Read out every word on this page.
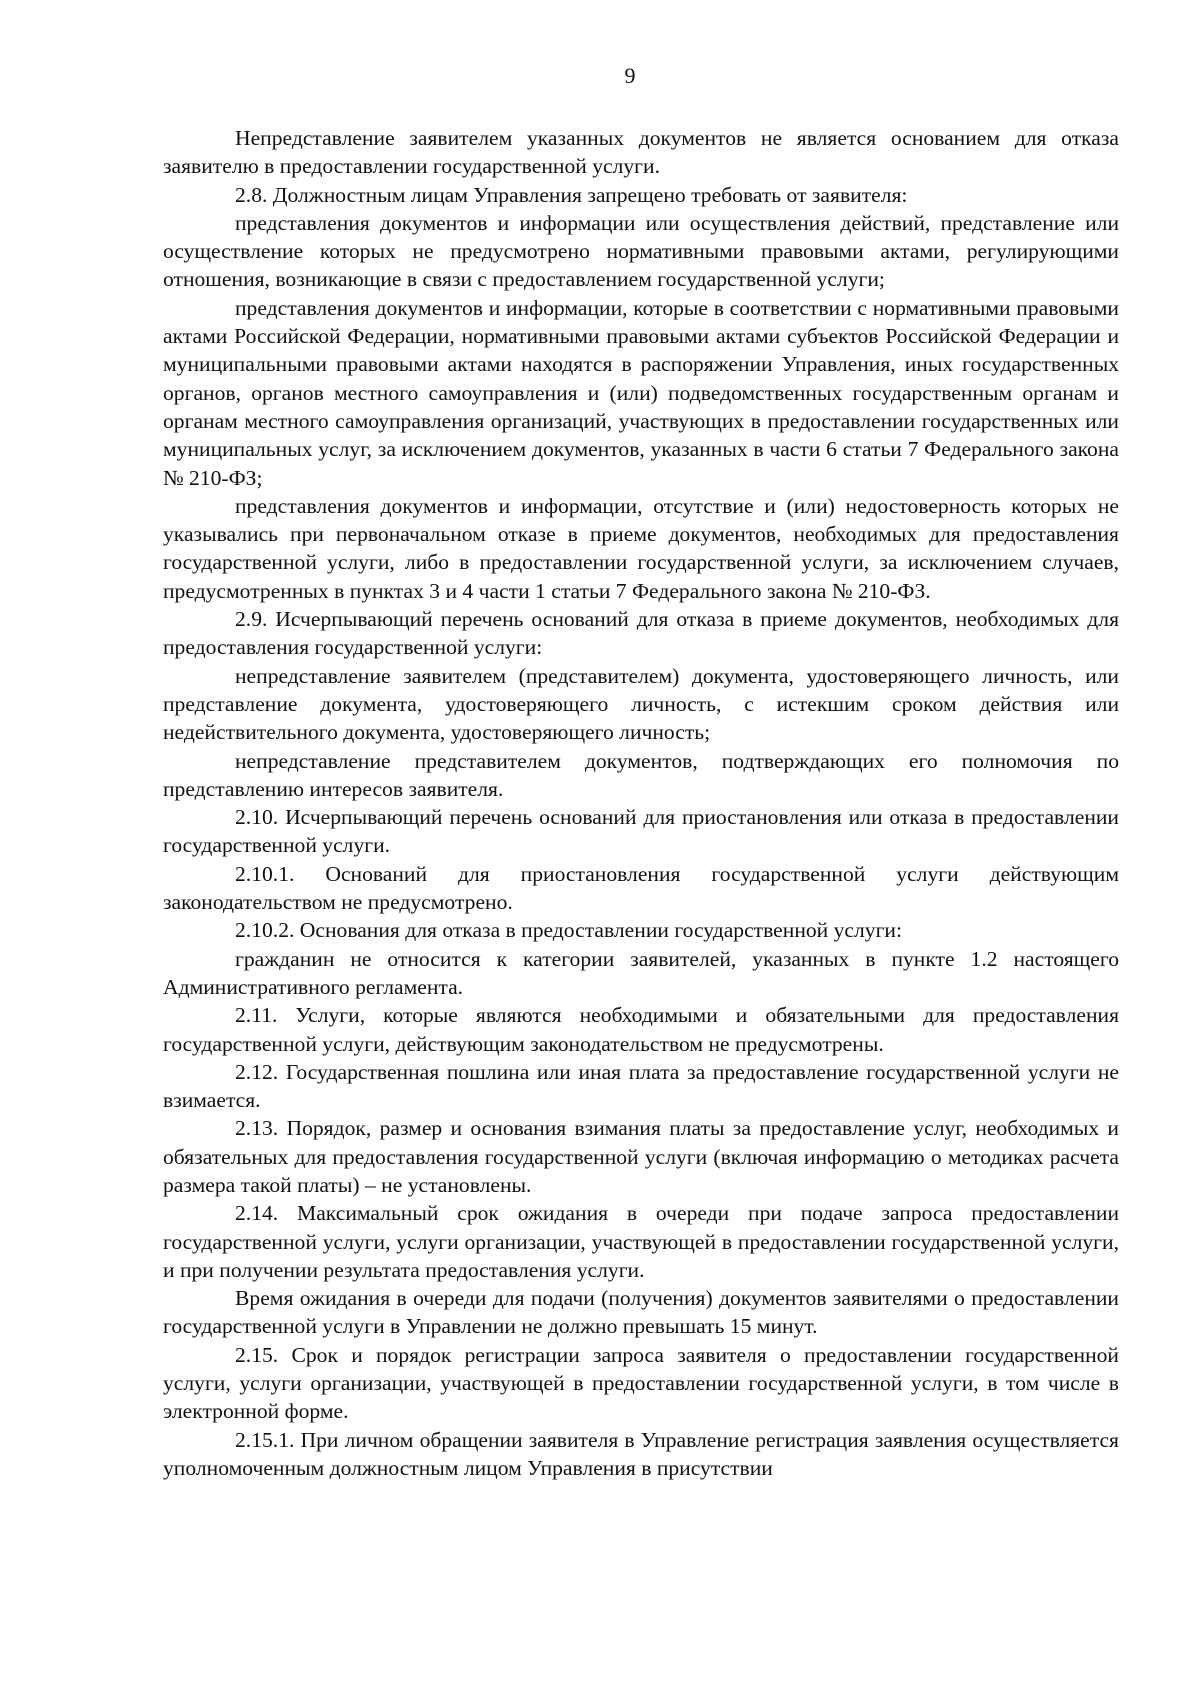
9

Непредставление заявителем указанных документов не является основанием для отказа заявителю в предоставлении государственной услуги.

2.8. Должностным лицам Управления запрещено требовать от заявителя:

представления документов и информации или осуществления действий, представление или осуществление которых не предусмотрено нормативными правовыми актами, регулирующими отношения, возникающие в связи с предоставлением государственной услуги;

представления документов и информации, которые в соответствии с нормативными правовыми актами Российской Федерации, нормативными правовыми актами субъектов Российской Федерации и муниципальными правовыми актами находятся в распоряжении Управления, иных государственных органов, органов местного самоуправления и (или) подведомственных государственным органам и органам местного самоуправления организаций, участвующих в предоставлении государственных или муниципальных услуг, за исключением документов, указанных в части 6 статьи 7 Федерального закона № 210-ФЗ;

представления документов и информации, отсутствие и (или) недостоверность которых не указывались при первоначальном отказе в приеме документов, необходимых для предоставления государственной услуги, либо в предоставлении государственной услуги, за исключением случаев, предусмотренных в пунктах 3 и 4 части 1 статьи 7 Федерального закона № 210-ФЗ.

2.9. Исчерпывающий перечень оснований для отказа в приеме документов, необходимых для предоставления государственной услуги:

непредставление заявителем (представителем) документа, удостоверяющего личность, или представление документа, удостоверяющего личность, с истекшим сроком действия или недействительного документа, удостоверяющего личность;

непредставление представителем документов, подтверждающих его полномочия по представлению интересов заявителя.

2.10. Исчерпывающий перечень оснований для приостановления или отказа в предоставлении государственной услуги.

2.10.1. Оснований для приостановления государственной услуги действующим законодательством не предусмотрено.

2.10.2. Основания для отказа в предоставлении государственной услуги:

гражданин не относится к категории заявителей, указанных в пункте 1.2 настоящего Административного регламента.

2.11. Услуги, которые являются необходимыми и обязательными для предоставления государственной услуги, действующим законодательством не предусмотрены.

2.12. Государственная пошлина или иная плата за предоставление государственной услуги не взимается.

2.13. Порядок, размер и основания взимания платы за предоставление услуг, необходимых и обязательных для предоставления государственной услуги (включая информацию о методиках расчета размера такой платы) – не установлены.

2.14. Максимальный срок ожидания в очереди при подаче запроса предоставлении государственной услуги, услуги организации, участвующей в предоставлении государственной услуги, и при получении результата предоставления услуги.

Время ожидания в очереди для подачи (получения) документов заявителями о предоставлении государственной услуги в Управлении не должно превышать 15 минут.

2.15. Срок и порядок регистрации запроса заявителя о предоставлении государственной услуги, услуги организации, участвующей в предоставлении государственной услуги, в том числе в электронной форме.

2.15.1. При личном обращении заявителя в Управление регистрация заявления осуществляется уполномоченным должностным лицом Управления в присутствии
